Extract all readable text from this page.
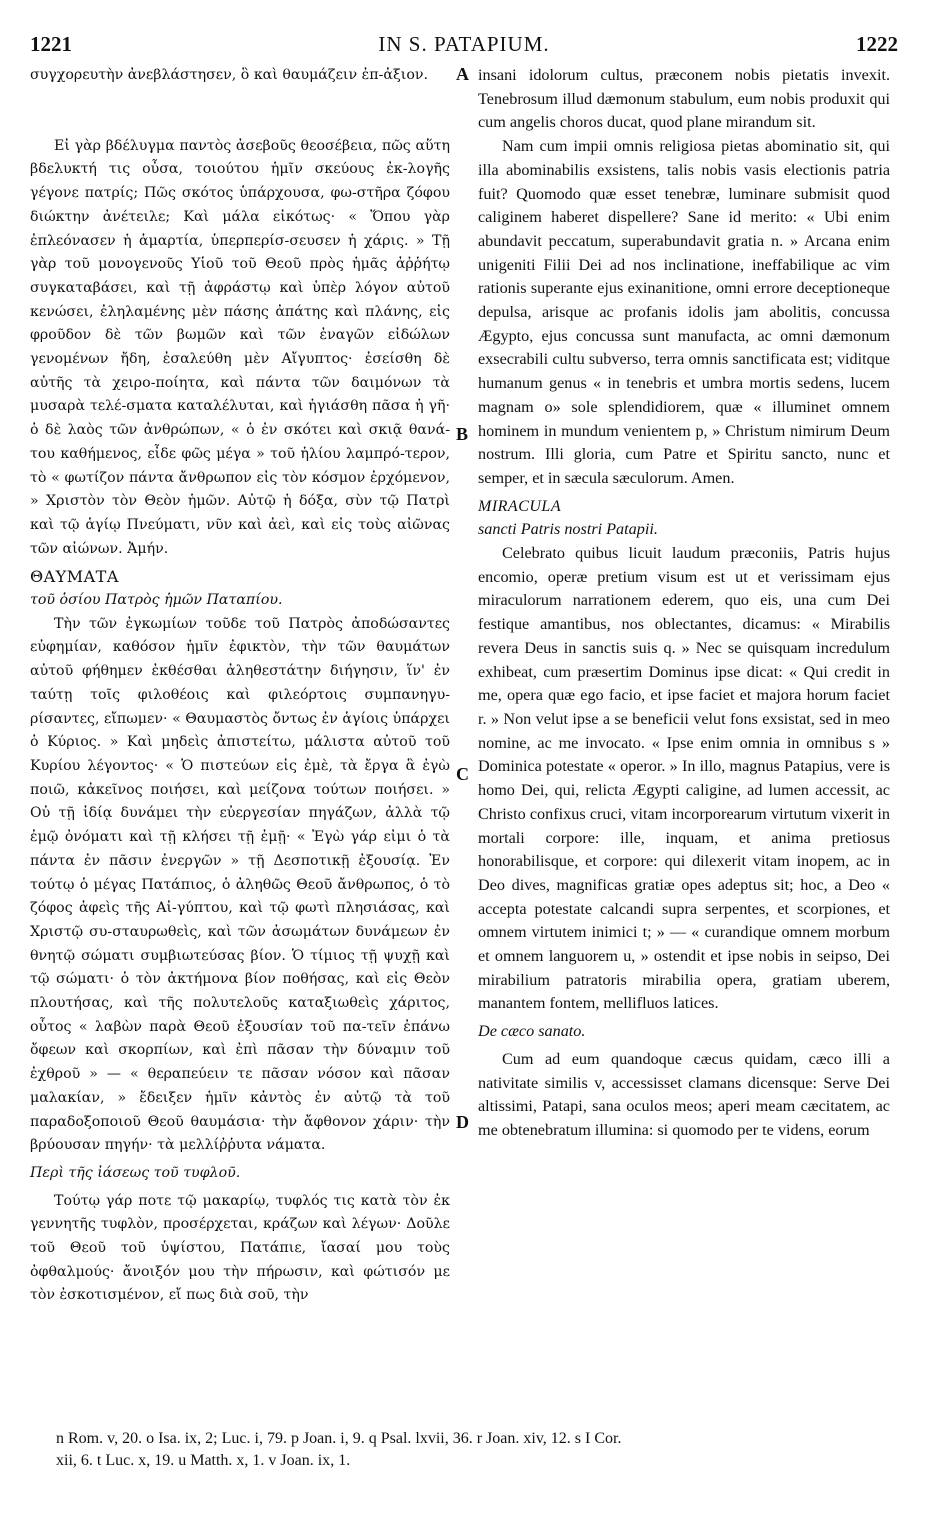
1221	IN S. PATAPIUM.	1222
A
B
C
D

συγχορευτὴν ἀνεβλάστησεν, ὃ καὶ θαυμάζειν ἐπ-ἀξιον.

Εἰ γὰρ βδέλυγμα παντὸς ἀσεβοῦς θεοσέβεια, πῶς αὕτη βδελυκτή τις οὖσα, τοιούτου ἡμῖν σκεύους ἐκ-λογῆς γέγονε πατρίς; Πῶς σκότος ὑπάρχουσα, φω-στῆρα ζόφου διώκτην ἀνέτειλε; Καὶ μάλα εἰκότως· « Ὅπου γὰρ ἐπλεόνασεν ἡ ἁμαρτία, ὑπερπερίσ-σευσεν ἡ χάρις. » Τῇ γὰρ τοῦ μονογενοῦς Υἱοῦ τοῦ Θεοῦ πρὸς ἡμᾶς ἀῤῥήτῳ συγκαταβάσει, καὶ τῇ ἀφράστῳ καὶ ὑπὲρ λόγον αὐτοῦ κενώσει, ἐληλαμένης μὲν πάσης ἀπάτης καὶ πλάνης, εἰς φροῦδον δὲ τῶν βωμῶν καὶ τῶν ἐναγῶν εἰδώλων γενομένων ἤδη, ἐσαλεύθη μὲν Αἴγυπτος· ἐσείσθη δὲ αὐτῆς τὰ χειρο-ποίητα, καὶ πάντα τῶν δαιμόνων τὰ μυσαρὰ τελέ-σματα καταλέλυται, καὶ ἡγιάσθη πᾶσα ἡ γῆ· ὁ δὲ λαὸς τῶν ἀνθρώπων, « ὁ ἐν σκότει καὶ σκιᾷ θανά-του καθήμενος, εἶδε φῶς μέγα » τοῦ ἡλίου λαμπρό-τερον, τὸ « φωτίζον πάντα ἄνθρωπον εἰς τὸν κόσμον ἐρχόμενον, » Χριστὸν τὸν Θεὸν ἡμῶν. Αὐτῷ ἡ δόξα, σὺν τῷ Πατρὶ καὶ τῷ ἁγίῳ Πνεύματι, νῦν καὶ ἀεὶ, καὶ εἰς τοὺς αἰῶνας τῶν αἰώνων. Ἀμήν.

ΘΑΥΜΑΤΑ

τοῦ ὁσίου Πατρὸς ἡμῶν Παταπίου.

Τὴν τῶν ἐγκωμίων τοῦδε τοῦ Πατρὸς ἀποδώσαντες εὐφημίαν, καθόσον ἡμῖν ἐφικτὸν, τὴν τῶν θαυμάτων αὐτοῦ φήθημεν ἐκθέσθαι ἀληθεστάτην διήγησιν, ἵν' ἐν ταύτῃ τοῖς φιλοθέοις καὶ φιλεόρτοις συμπανηγυ-ρίσαντες, εἴπωμεν· « Θαυμαστὸς ὄντως ἐν ἁγίοις ὑπάρχει ὁ Κύριος. » Καὶ μηδεὶς ἀπιστείτω, μάλιστα αὐτοῦ τοῦ Κυρίου λέγοντος· « Ὁ πιστεύων εἰς ἐμὲ, τὰ ἔργα ἃ ἐγὼ ποιῶ, κἀκεῖνος ποιήσει, καὶ μείζονα τούτων ποιήσει. » Οὐ τῇ ἰδίᾳ δυνάμει τὴν εὐεργεσίαν πηγάζων, ἀλλὰ τῷ ἐμῷ ὀνόματι καὶ τῇ κλήσει τῇ ἐμῇ· « Ἐγὼ γάρ εἰμι ὁ τὰ πάντα ἐν πᾶσιν ἐνεργῶν » τῇ Δεσποτικῇ ἐξουσίᾳ. Ἐν τούτῳ ὁ μέγας Πατάπιος, ὁ ἀληθῶς Θεοῦ ἄνθρωπος, ὁ τὸ ζόφος ἀφεὶς τῆς Αἰ-γύπτου, καὶ τῷ φωτὶ πλησιάσας, καὶ Χριστῷ συ-σταυρωθεὶς, καὶ τῶν ἀσωμάτων δυνάμεων ἐν θνητῷ σώματι συμβιωτεύσας βίον. Ὁ τίμιος τῇ ψυχῇ καὶ τῷ σώματι· ὁ τὸν ἀκτήμονα βίον ποθήσας, καὶ εἰς Θεὸν πλουτήσας, καὶ τῆς πολυτελοῦς καταξιωθεὶς χάριτος, οὗτος « λαβὼν παρὰ Θεοῦ ἐξουσίαν τοῦ πα-τεῖν ἐπάνω ὄφεων καὶ σκορπίων, καὶ ἐπὶ πᾶσαν τὴν δύναμιν τοῦ ἐχθροῦ » — « θεραπεύειν τε πᾶσαν νόσον καὶ πᾶσαν μαλακίαν, » ἔδειξεν ἡμῖν κἀντὸς ἐν αὐτῷ τὰ τοῦ παραδοξοποιοῦ Θεοῦ θαυμάσια· τὴν ἄφθονον χάριν· τὴν βρύουσαν πηγήν· τὰ μελλίῤῥυτα νάματα.

Περὶ τῆς ἰάσεως τοῦ τυφλοῦ.

Τούτῳ γάρ ποτε τῷ μακαρίῳ, τυφλός τις κατὰ τὸν ἐκ γεννητῆς τυφλὸν, προσέρχεται, κράζων καὶ λέγων· Δοῦλε τοῦ Θεοῦ τοῦ ὑψίστου, Πατάπιε, ἴασαί μου τοὺς ὀφθαλμούς· ἄνοιξόν μου τὴν πήρωσιν, καὶ φώτισόν με τὸν ἐσκοτισμένον, εἴ πως διὰ σοῦ, τὴν

insani idolorum cultus, præconem nobis pietatis invexit. Tenebrosum illud dæmonum stabulum, eum nobis produxit qui cum angelis choros ducat, quod plane mirandum sit.

Nam cum impii omnis religiosa pietas abominatio sit, qui illa abominabilis exsistens, talis nobis vasis electionis patria fuit? Quomodo quæ esset tenebræ, luminare submisit quod caliginem haberet dispellere? Sane id merito: « Ubi enim abundavit peccatum, superabundavit gratia n. » Arcana enim unigeniti Filii Dei ad nos inclinatione, ineffabilique ac vim rationis superante ejus exinanitione, omni errore deceptioneque depulsa, arisque ac profanis idolis jam abolitis, concussa Ægypto, ejus concussa sunt manufacta, ac omni dæmonum exsecrabili cultu subverso, terra omnis sanctificata est; viditque humanum genus « in tenebris et umbra mortis sedens, lucem magnam o» sole splendidiorem, quæ « illuminet omnem hominem in mundum venientem p, » Christum nimirum Deum nostrum. Illi gloria, cum Patre et Spiritu sancto, nunc et semper, et in sæcula sæculorum. Amen.

MIRACULA

sancti Patris nostri Patapii.

Celebrato quibus licuit laudum præconiis, Patris hujus encomio, operæ pretium visum est ut et verissimam ejus miraculorum narrationem ederem, quo eis, una cum Dei festique amantibus, nos oblectantes, dicamus: « Mirabilis revera Deus in sanctis suis q. » Nec se quisquam incredulum exhibeat, cum præsertim Dominus ipse dicat: « Qui credit in me, opera quæ ego facio, et ipse faciet et majora horum faciet r. » Non velut ipse a se beneficii velut fons exsistat, sed in meo nomine, ac me invocato. « Ipse enim omnia in omnibus s » Dominica potestate « operor. » In illo, magnus Patapius, vere is homo Dei, qui, relicta Ægypti caligine, ad lumen accessit, ac Christo confixus cruci, vitam incorporearum virtutum vixerit in mortali corpore: ille, inquam, et anima pretiosus honorabilisque, et corpore: qui dilexerit vitam inopem, ac in Deo dives, magnificas gratiæ opes adeptus sit; hoc, a Deo « accepta potestate calcandi supra serpentes, et scorpiones, et omnem virtutem inimici t; » — « curandique omnem morbum et omnem languorem u, » ostendit et ipse nobis in seipso, Dei mirabilium patratoris mirabilia opera, gratiam uberem, manantem fontem, mellifluos latices.

De cæco sanato.

Cum ad eum quandoque cæcus quidam, cæco illi a nativitate similis v, accessisset clamans dicensque: Serve Dei altissimi, Patapi, sana oculos meos; aperi meam cæcitatem, ac me obtenebratum illumina: si quomodo per te videns, eorum

n Rom. v, 20. o Isa. ix, 2; Luc. i, 79. p Joan. i, 9. q Psal. lxvii, 36. r Joan. xiv, 12. s I Cor.

xii, 6. t Luc. x, 19. u Matth. x, 1. v Joan. ix, 1.
